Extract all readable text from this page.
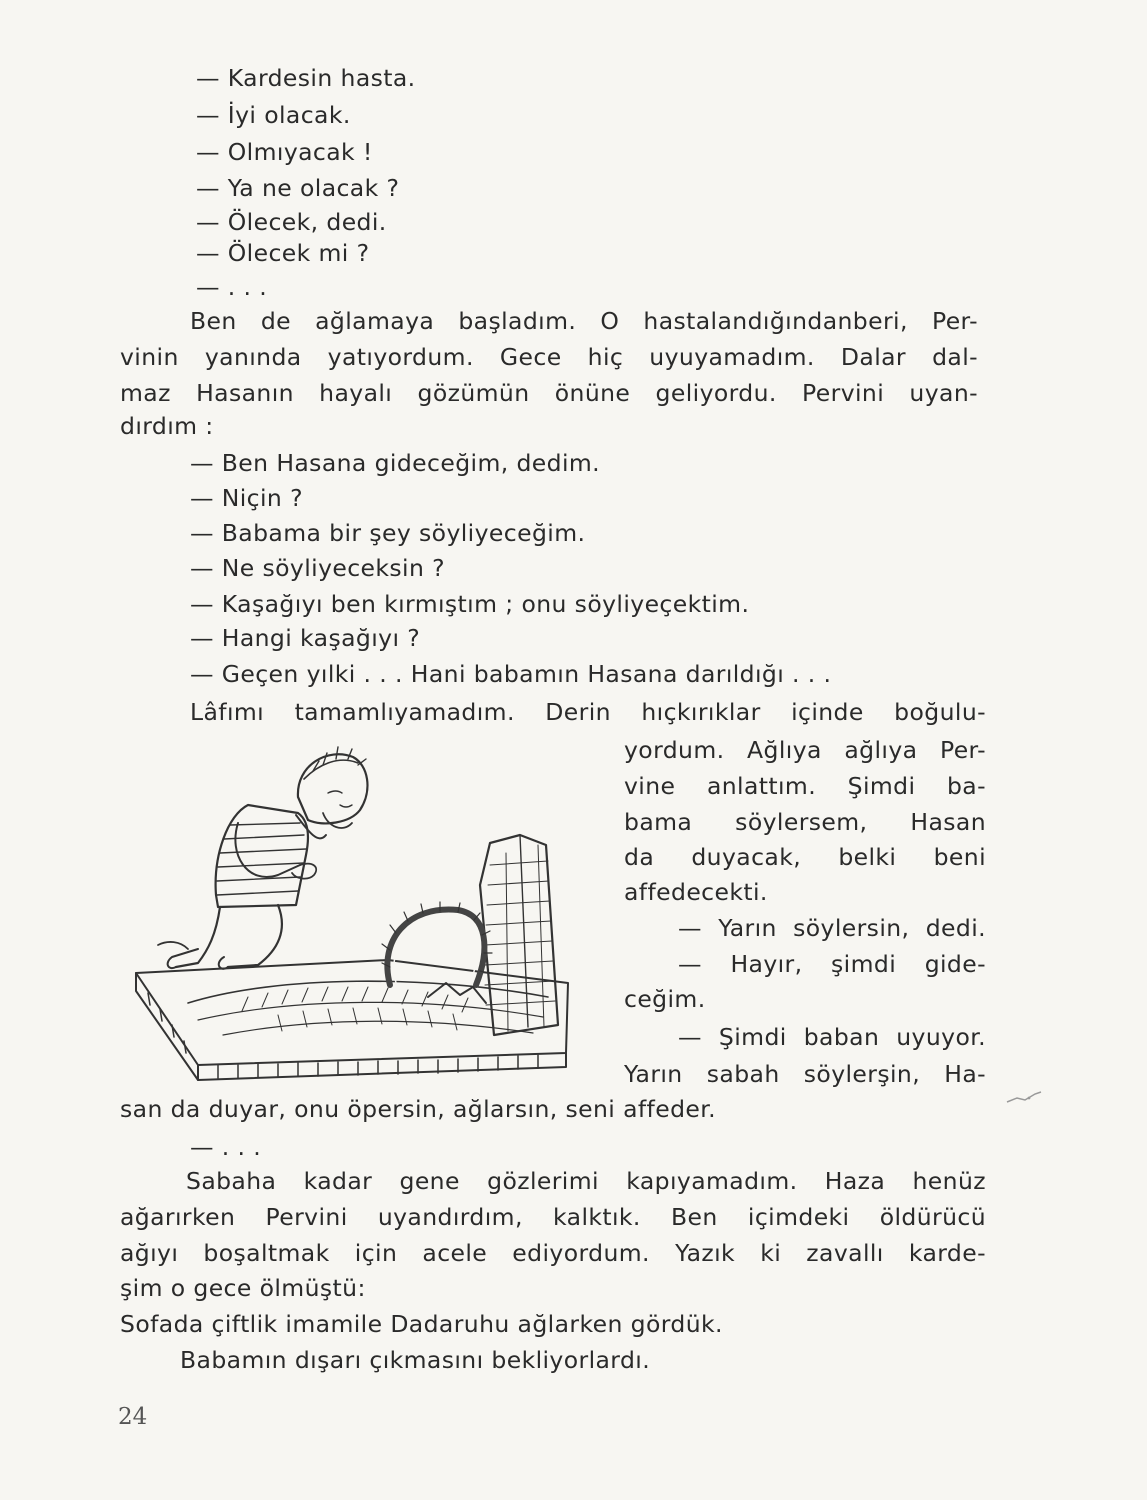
— Kardesin hasta.
— İyi olacak.
— Olmıyacak !
— Ya ne olacak ?
— Ölecek, dedi.
— Ölecek mi ?
— . . .
Ben de ağlamaya başladım. O hastalandığındanberi, Per-
vinin yanında yatıyordum. Gece hiç uyuyamadım. Dalar dal-
maz Hasanın hayalı gözümün önüne geliyordu. Pervini uyan-
dırdım :
— Ben Hasana gideceğim, dedim.
— Niçin ?
— Babama bir şey söyliyeceğim.
— Ne söyliyeceksin ?
— Kaşağıyı ben kırmıştım ; onu söyliyeçektim.
— Hangi kaşağıyı ?
— Geçen yılki . . . Hani babamın Hasana darıldığı . . .
Lâfımı tamamlıyamadım. Derin hıçkırıklar içinde boğulu-
yordum. Ağlıya ağlıya Per-
vine anlattım. Şimdi ba-
bama söylersem, Hasan
da duyacak, belki beni
affedecekti.
— Yarın söylersin, dedi.
— Hayır, şimdi gide-
ceğim.
— Şimdi baban uyuyor.
Yarın sabah söylerşin, Ha-
san da duyar, onu öpersin, ağlarsın, seni affeder.
— . . .
Sabaha kadar gene gözlerimi kapıyamadım. Haza henüz
ağarırken Pervini uyandırdım, kalktık. Ben içimdeki öldürücü
ağıyı boşaltmak için acele ediyordum. Yazık ki zavallı karde-
şim o gece ölmüştü:
Sofada çiftlik imamile Dadaruhu ağlarken gördük.
Babamın dışarı çıkmasını bekliyorlardı.
24
